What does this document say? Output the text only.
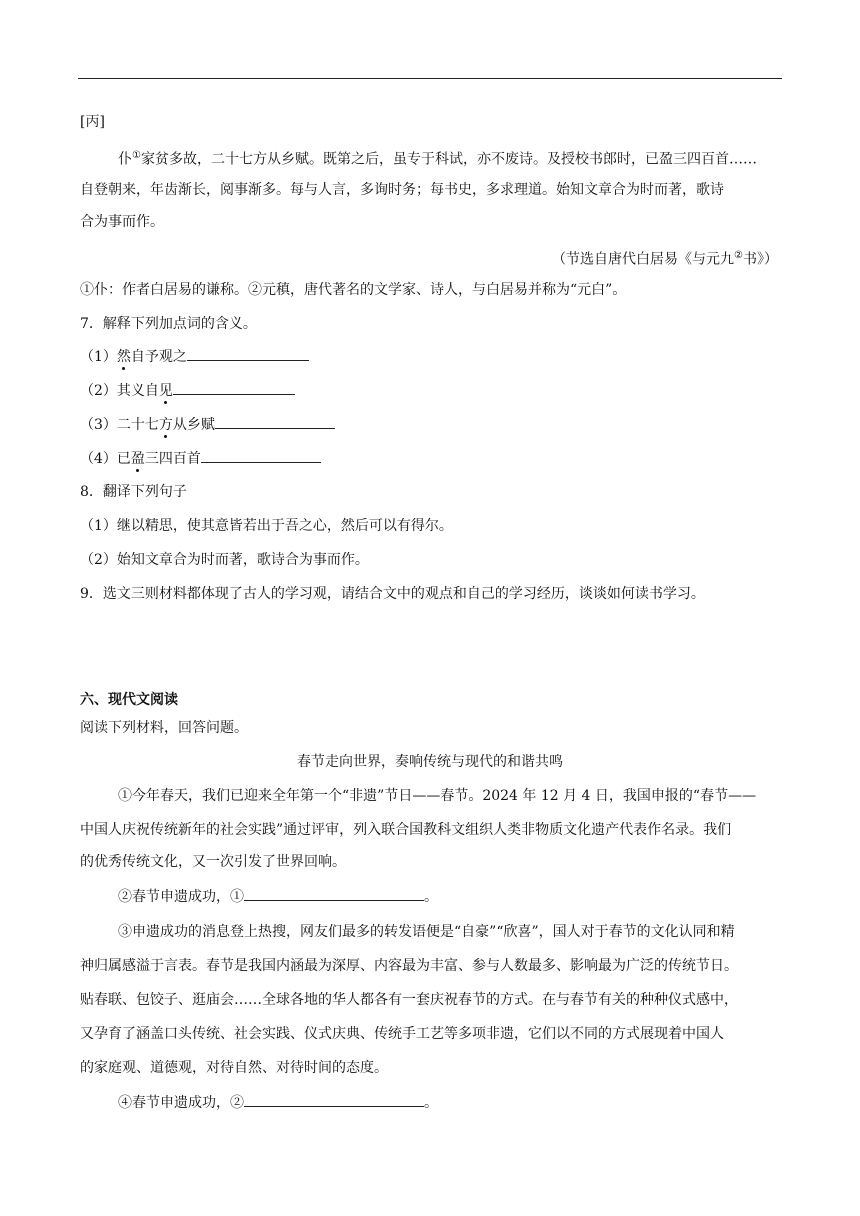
[丙]
仆①家贫多故，二十七方从乡赋。既第之后，虽专于科试，亦不废诗。及授校书郎时，已盈三四百首……
自登朝来，年齿渐长，阅事渐多。每与人言，多询时务；每书史，多求理道。始知文章合为时而著，歌诗
合为事而作。
（节选自唐代白居易《与元九②书》）
①仆：作者白居易的谦称。②元稹，唐代著名的文学家、诗人，与白居易并称为“元白”。
7．解释下列加点词的含义。
（1）然自予观之
（2）其义自见
（3）二十七方从乡赋
（4）已盈三四百首
8．翻译下列句子
（1）继以精思，使其意皆若出于吾之心，然后可以有得尔。
（2）始知文章合为时而著，歌诗合为事而作。
9．选文三则材料都体现了古人的学习观，请结合文中的观点和自己的学习经历，谈谈如何读书学习。
六、现代文阅读
阅读下列材料，回答问题。
春节走向世界，奏响传统与现代的和谐共鸣
①今年春天，我们已迎来全年第一个“非遗”节日——春节。2024 年 12 月 4 日，我国申报的“春节——
中国人庆祝传统新年的社会实践”通过评审，列入联合国教科文组织人类非物质文化遗产代表作名录。我们
的优秀传统文化，又一次引发了世界回响。
②春节申遗成功，①	。
③申遗成功的消息登上热搜，网友们最多的转发语便是“自豪”“欣喜”，国人对于春节的文化认同和精
神归属感溢于言表。春节是我国内涵最为深厚、内容最为丰富、参与人数最多、影响最为广泛的传统节日。
贴春联、包饺子、逛庙会……全球各地的华人都各有一套庆祝春节的方式。在与春节有关的种种仪式感中，
又孕育了涵盖口头传统、社会实践、仪式庆典、传统手工艺等多项非遗，它们以不同的方式展现着中国人
的家庭观、道德观，对待自然、对待时间的态度。
④春节申遗成功，②	。
